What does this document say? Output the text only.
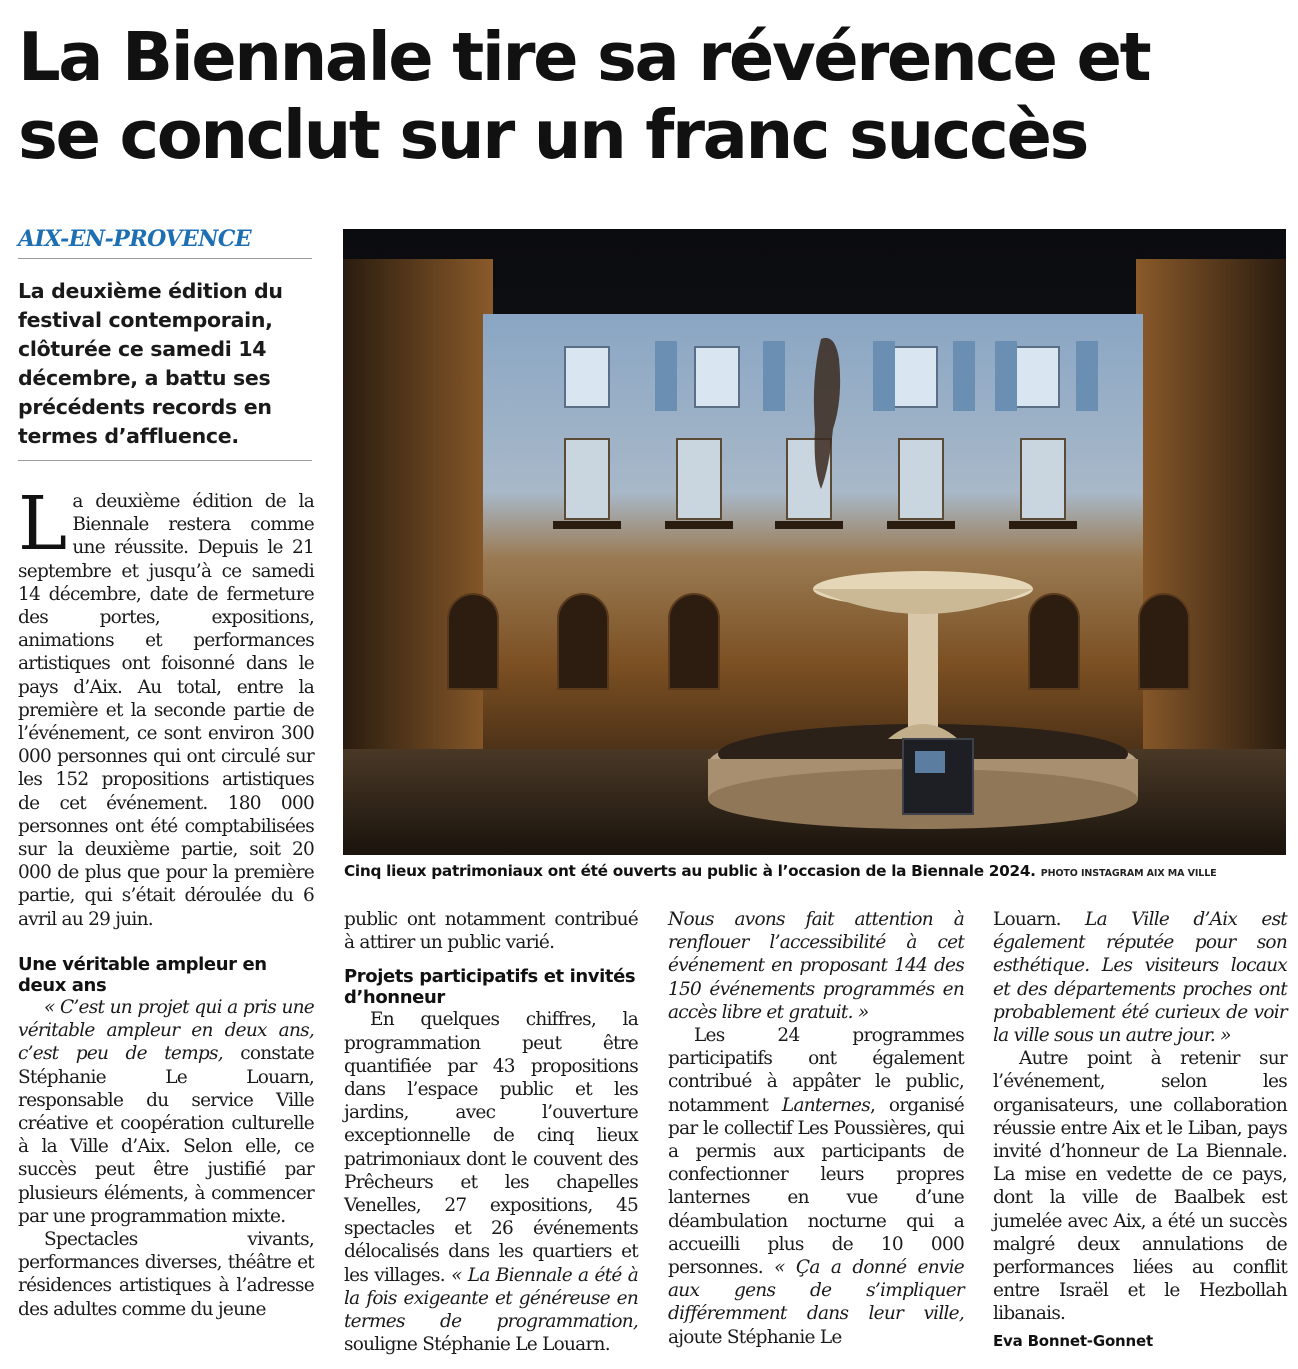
La Biennale tire sa révérence et
se conclut sur un franc succès
AIX-EN-PROVENCE
La deuxième édition du festival contemporain, clôturée ce samedi 14 décembre, a battu ses précédents records en termes d’affluence.

La deuxième édition de la Biennale restera comme une réussite. Depuis le 21 septembre et jusqu’à ce samedi 14 décembre, date de fermeture des portes, expositions, animations et performances artistiques ont foisonné dans le pays d’Aix. Au total, entre la première et la seconde partie de l’événement, ce sont environ 300 000 personnes qui ont circulé sur les 152 propositions artistiques de cet événement. 180 000 personnes ont été comptabilisées sur la deuxième partie, soit 20 000 de plus que pour la première partie, qui s’était déroulée du 6 avril au 29 juin.

Une véritable ampleur en deux ans

« C’est un projet qui a pris une véritable ampleur en deux ans, c’est peu de temps, constate Stéphanie Le Louarn, responsable du service Ville créative et coopération culturelle à la Ville d’Aix. Selon elle, ce succès peut être justifié par plusieurs éléments, à commencer par une programmation mixte.

Spectacles vivants, performances diverses, théâtre et résidences artistiques à l’adresse des adultes comme du jeune

Cinq lieux patrimoniaux ont été ouverts au public à l’occasion de la Biennale 2024. PHOTO INSTAGRAM AIX MA VILLE

public ont notamment contribué à attirer un public varié.

Projets participatifs et invités d’honneur

En quelques chiffres, la programmation peut être quantifiée par 43 propositions dans l’espace public et les jardins, avec l’ouverture exceptionnelle de cinq lieux patrimoniaux dont le couvent des Prêcheurs et les chapelles Venelles, 27 expositions, 45 spectacles et 26 événements délocalisés dans les quartiers et les villages. « La Biennale a été à la fois exigeante et généreuse en termes de programmation, souligne Stéphanie Le Louarn.

Nous avons fait attention à renflouer l’accessibilité à cet événement en proposant 144 des 150 événements programmés en accès libre et gratuit. »

Les 24 programmes participatifs ont également contribué à appâter le public, notamment Lanternes, organisé par le collectif Les Poussières, qui a permis aux participants de confectionner leurs propres lanternes en vue d’une déambulation nocturne qui a accueilli plus de 10 000 personnes. « Ça a donné envie aux gens de s’impliquer différemment dans leur ville, ajoute Stéphanie Le

Louarn. La Ville d’Aix est également réputée pour son esthétique. Les visiteurs locaux et des départements proches ont probablement été curieux de voir la ville sous un autre jour. »

Autre point à retenir sur l’événement, selon les organisateurs, une collaboration réussie entre Aix et le Liban, pays invité d’honneur de La Biennale. La mise en vedette de ce pays, dont la ville de Baalbek est jumelée avec Aix, a été un succès malgré deux annulations de performances liées au conflit entre Israël et le Hezbollah libanais.

Eva Bonnet-Gonnet
